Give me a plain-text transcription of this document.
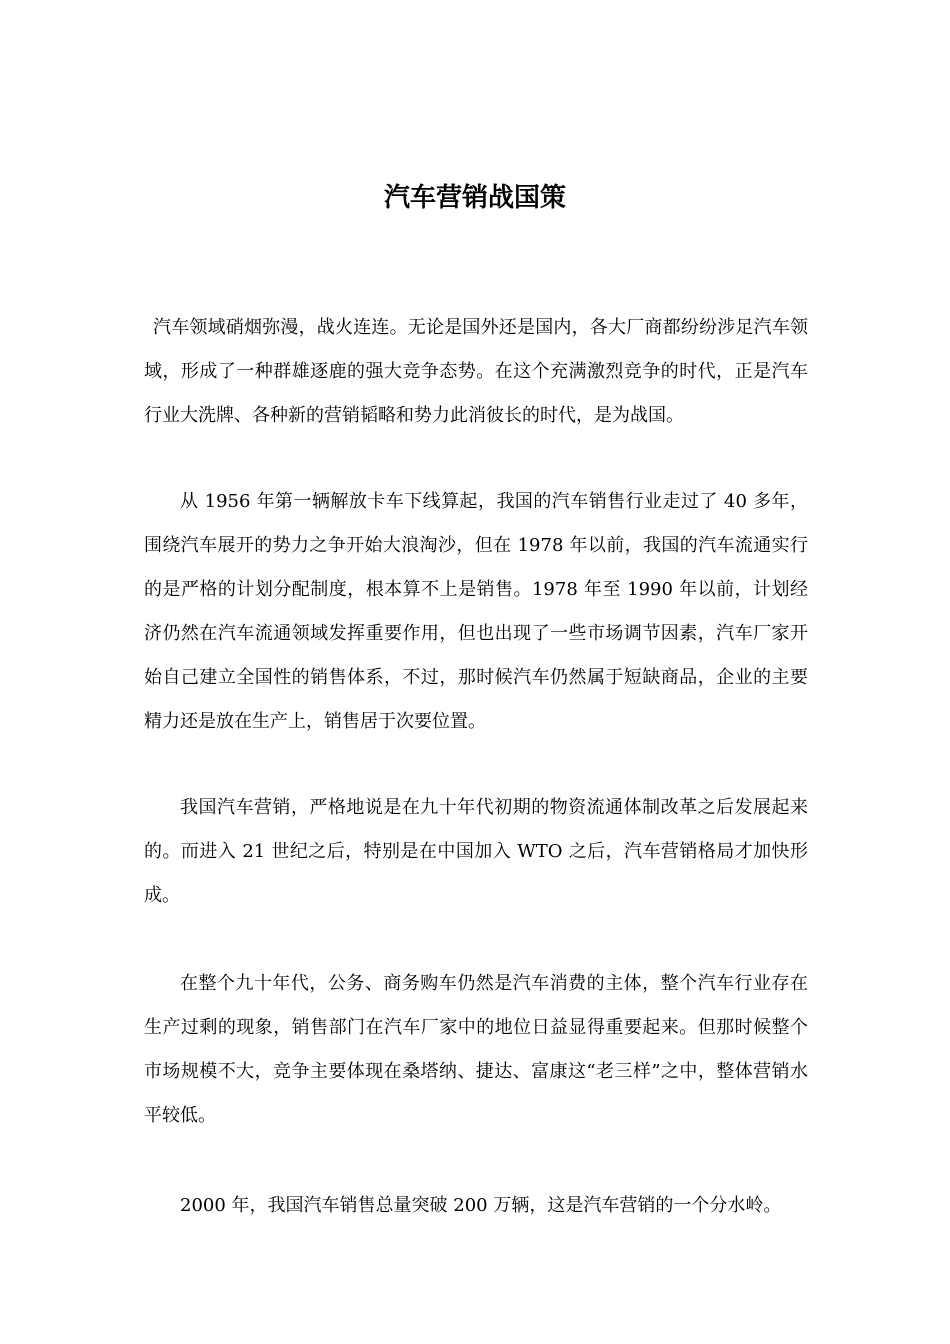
汽车营销战国策

汽车领域硝烟弥漫，战火连连。无论是国外还是国内，各大厂商都纷纷涉足汽车领域，形成了一种群雄逐鹿的强大竞争态势。在这个充满激烈竞争的时代，正是汽车行业大洗牌、各种新的营销韬略和势力此消彼长的时代，是为战国。

从 1956 年第一辆解放卡车下线算起，我国的汽车销售行业走过了 40 多年，围绕汽车展开的势力之争开始大浪淘沙，但在 1978 年以前，我国的汽车流通实行的是严格的计划分配制度，根本算不上是销售。1978 年至 1990 年以前，计划经济仍然在汽车流通领域发挥重要作用，但也出现了一些市场调节因素，汽车厂家开始自己建立全国性的销售体系，不过，那时候汽车仍然属于短缺商品，企业的主要精力还是放在生产上，销售居于次要位置。

我国汽车营销，严格地说是在九十年代初期的物资流通体制改革之后发展起来的。而进入 21 世纪之后，特别是在中国加入 WTO 之后，汽车营销格局才加快形成。

在整个九十年代，公务、商务购车仍然是汽车消费的主体，整个汽车行业存在生产过剩的现象，销售部门在汽车厂家中的地位日益显得重要起来。但那时候整个市场规模不大，竞争主要体现在桑塔纳、捷达、富康这“老三样”之中，整体营销水平较低。

2000 年，我国汽车销售总量突破 200 万辆，这是汽车营销的一个分水岭。
